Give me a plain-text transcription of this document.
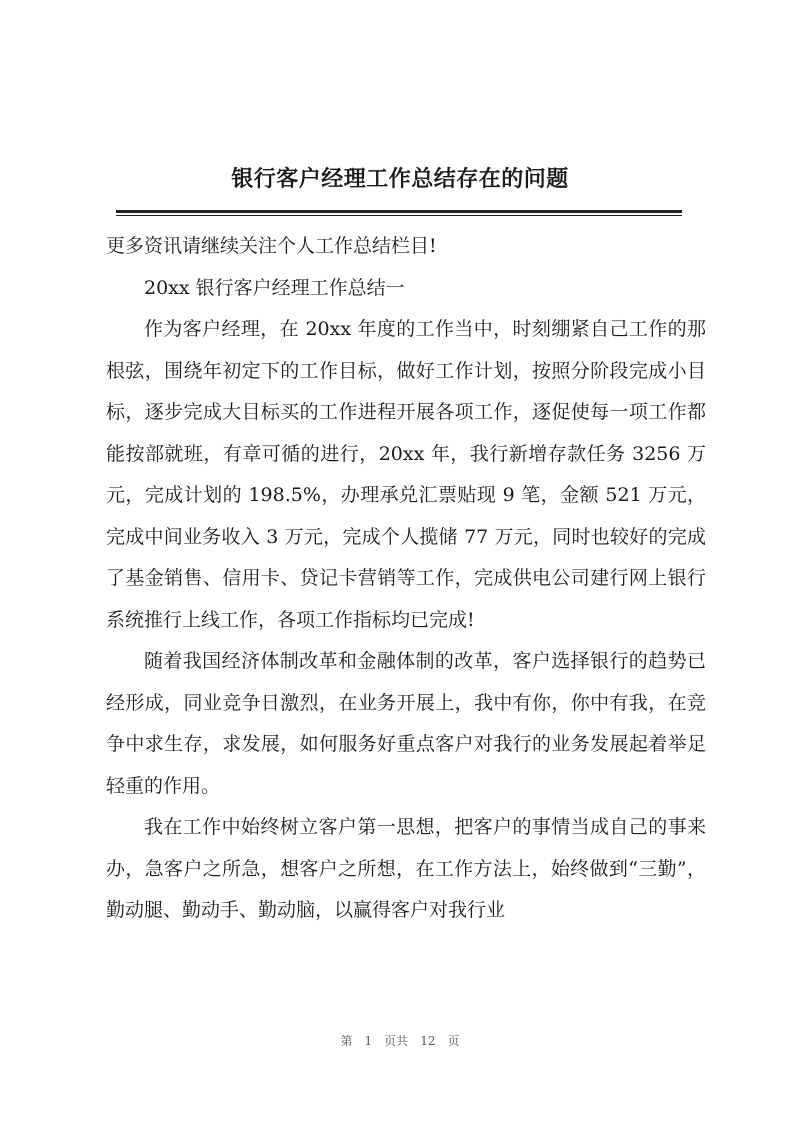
银行客户经理工作总结存在的问题

更多资讯请继续关注个人工作总结栏目!

20xx 银行客户经理工作总结一

作为客户经理，在 20xx 年度的工作当中，时刻绷紧自己工作的那根弦，围绕年初定下的工作目标，做好工作计划，按照分阶段完成小目标，逐步完成大目标买的工作进程开展各项工作，逐促使每一项工作都能按部就班，有章可循的进行，20xx 年，我行新增存款任务 3256 万元，完成计划的 198.5%，办理承兑汇票贴现 9 笔，金额 521 万元，完成中间业务收入 3 万元，完成个人揽储 77 万元，同时也较好的完成了基金销售、信用卡、贷记卡营销等工作，完成供电公司建行网上银行系统推行上线工作，各项工作指标均已完成!

随着我国经济体制改革和金融体制的改革，客户选择银行的趋势已经形成，同业竞争日激烈，在业务开展上，我中有你，你中有我，在竞争中求生存，求发展，如何服务好重点客户对我行的业务发展起着举足轻重的作用。

我在工作中始终树立客户第一思想，把客户的事情当成自己的事来办，急客户之所急，想客户之所想，在工作方法上，始终做到“三勤”，勤动腿、勤动手、勤动脑，以赢得客户对我行业

第 1 页共 12 页
